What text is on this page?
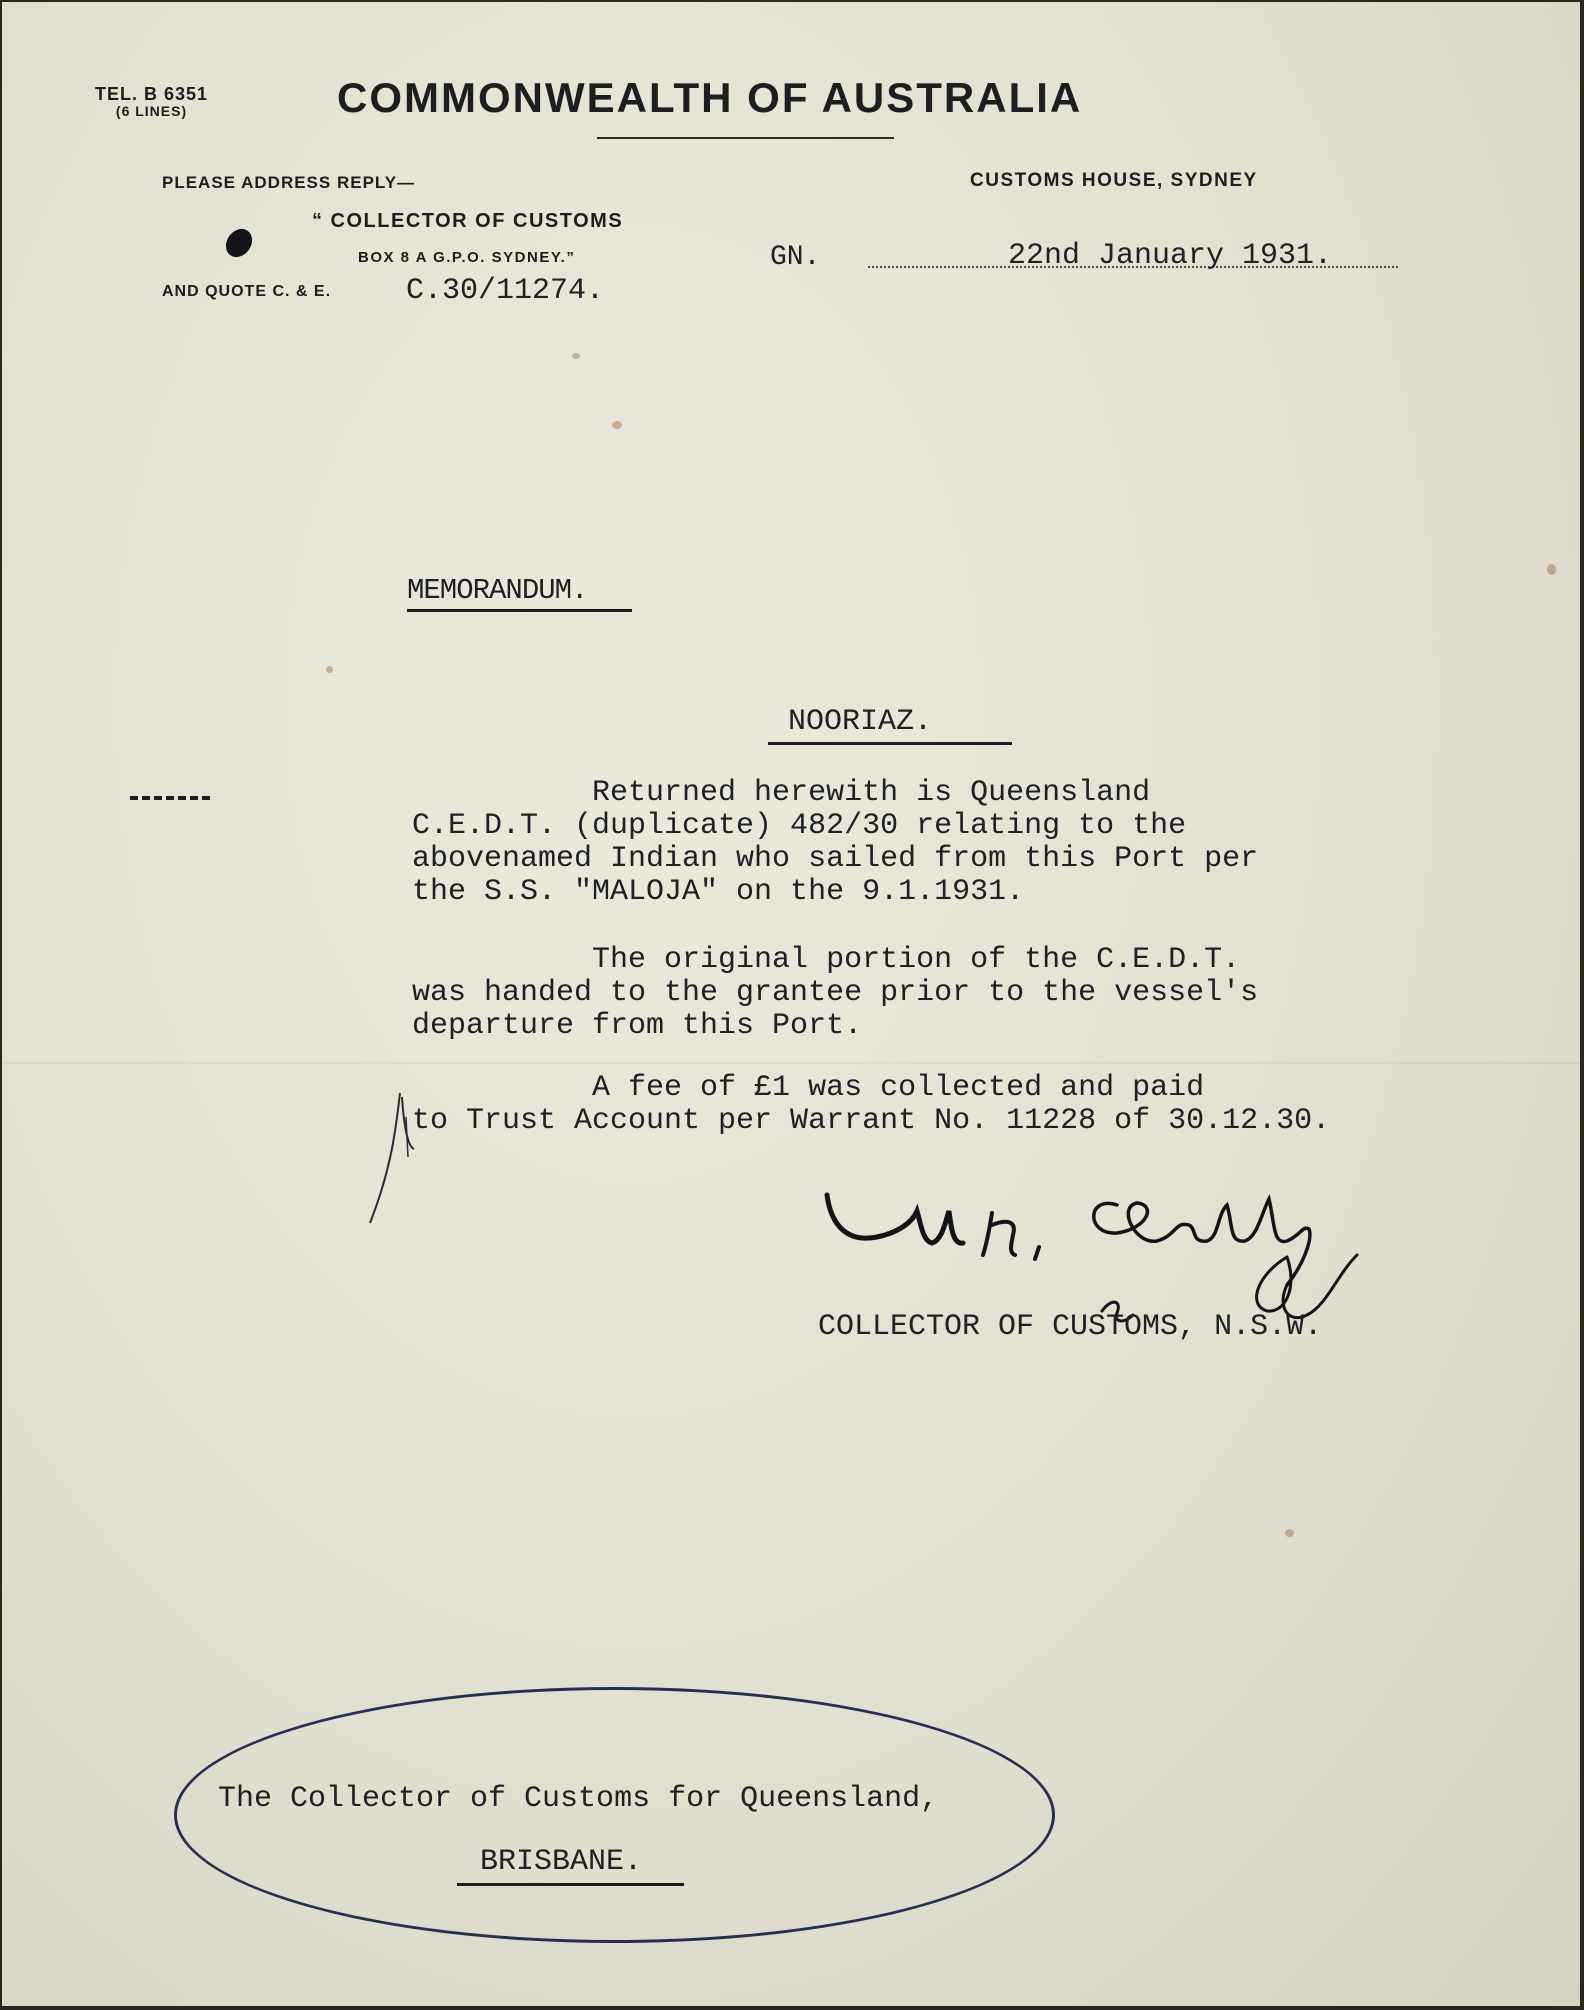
TEL. B 6351
(6 LINES)	COMMONWEALTH OF AUSTRALIA
PLEASE ADDRESS REPLY—
“ COLLECTOR OF CUSTOMS
BOX 8 A G.P.O. SYDNEY.”
AND QUOTE C. & E. C.30/11274.
CUSTOMS HOUSE, SYDNEY
GN.	22nd January 1931.
MEMORANDUM.
NOORIAZ.
Returned herewith is Queensland
C.E.D.T. (duplicate) 482/30 relating to the
abovenamed Indian who sailed from this Port per
the S.S. "MALOJA" on the 9.1.1931.
The original portion of the C.E.D.T.
was handed to the grantee prior to the vessel's
departure from this Port.
A fee of £1 was collected and paid
to Trust Account per Warrant No. 11228 of 30.12.30.
COLLECTOR OF CUSTOMS, N.S.W.
The Collector of Customs for Queensland,
BRISBANE.
